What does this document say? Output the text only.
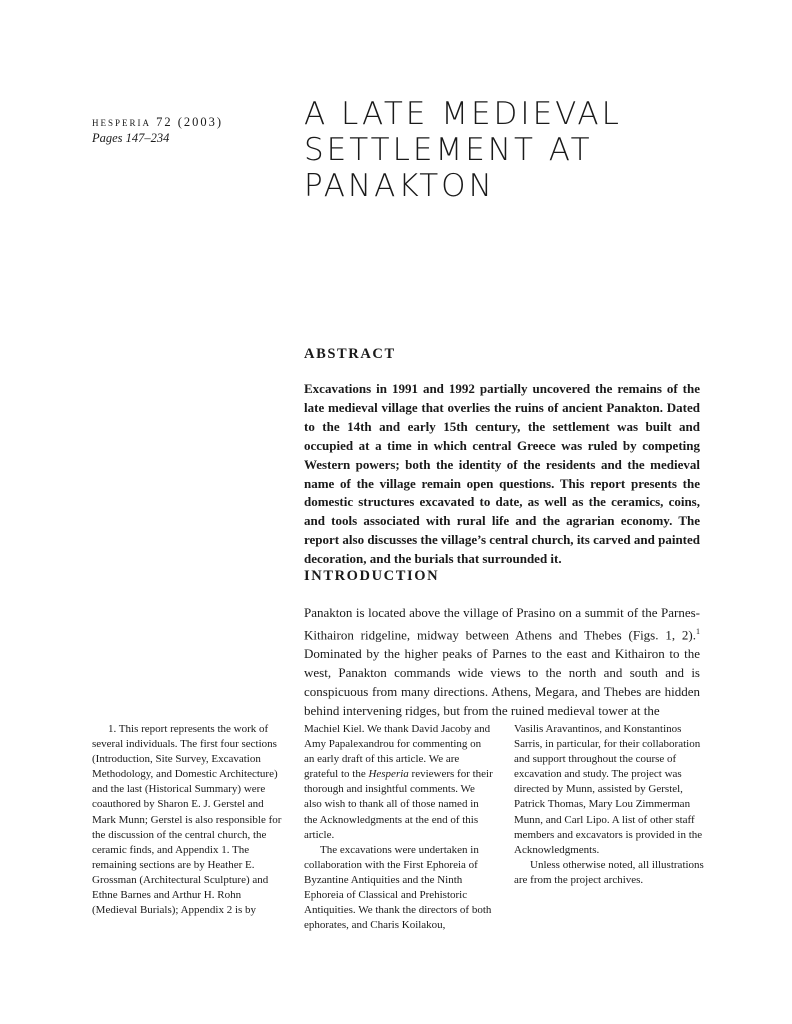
hesperia 72 (2003)
Pages 147–234
A LATE MEDIEVAL
SETTLEMENT AT
PANAKTON
ABSTRACT
Excavations in 1991 and 1992 partially uncovered the remains of the late medieval village that overlies the ruins of ancient Panakton. Dated to the 14th and early 15th century, the settlement was built and occupied at a time in which central Greece was ruled by competing Western powers; both the identity of the residents and the medieval name of the village remain open questions. This report presents the domestic structures excavated to date, as well as the ceramics, coins, and tools associated with rural life and the agrarian economy. The report also discusses the village’s central church, its carved and painted decoration, and the burials that surrounded it.
INTRODUCTION
Panakton is located above the village of Prasino on a summit of the Parnes-Kithairon ridgeline, midway between Athens and Thebes (Figs. 1, 2).$^1$ Dominated by the higher peaks of Parnes to the east and Kithairon to the west, Panakton commands wide views to the north and south and is conspicuous from many directions. Athens, Megara, and Thebes are hidden behind intervening ridges, but from the ruined medieval tower at the

1. This report represents the work of several individuals. The first four sections (Introduction, Site Survey, Excavation Methodology, and Domestic Architecture) and the last (Historical Summary) were coauthored by Sharon E. J. Gerstel and Mark Munn; Gerstel is also responsible for the discussion of the central church, the ceramic finds, and Appendix 1. The remaining sections are by Heather E. Grossman (Architectural Sculpture) and Ethne Barnes and Arthur H. Rohn (Medieval Burials); Appendix 2 is by

Machiel Kiel. We thank David Jacoby and Amy Papalexandrou for commenting on an early draft of this article. We are grateful to the Hesperia reviewers for their thorough and insightful comments. We also wish to thank all of those named in the Acknowledgments at the end of this article.

The excavations were undertaken in collaboration with the First Ephoreia of Byzantine Antiquities and the Ninth Ephoreia of Classical and Prehistoric Antiquities. We thank the directors of both ephorates, and Charis Koilakou,

Vasilis Aravantinos, and Konstantinos Sarris, in particular, for their collaboration and support throughout the course of excavation and study. The project was directed by Munn, assisted by Gerstel, Patrick Thomas, Mary Lou Zimmerman Munn, and Carl Lipo. A list of other staff members and excavators is provided in the Acknowledgments.

Unless otherwise noted, all illustrations are from the project archives.
